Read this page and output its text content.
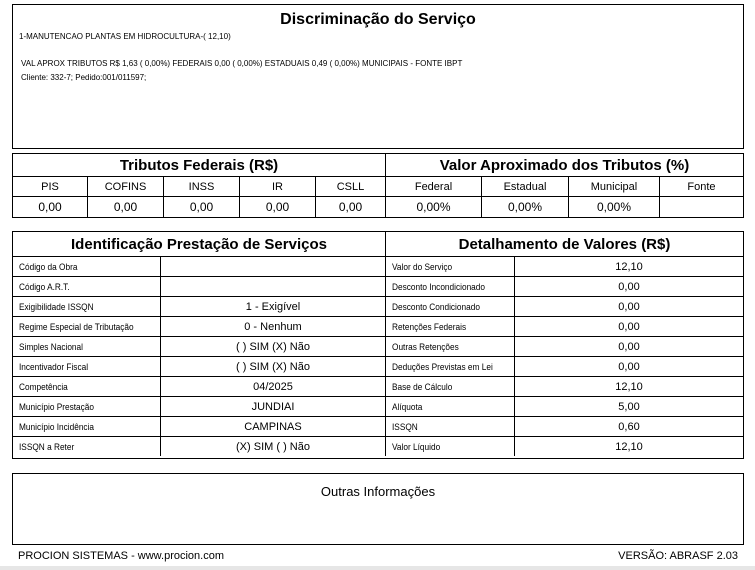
Discriminação do Serviço
1-MANUTENCAO PLANTAS EM HIDROCULTURA-( 12,10)
VAL APROX TRIBUTOS R$ 1,63 ( 0,00%) FEDERAIS 0,00 ( 0,00%) ESTADUAIS 0,49 ( 0,00%) MUNICIPAIS - FONTE IBPT
Cliente: 332-7; Pedido:001/011597;
Tributos Federais (R$)				
PIS	COFINS	INSS	IR	CSLL
0,00	0,00	0,00	0,00	0,00
Valor Aproximado dos Tributos (%)			
Federal	Estadual	Municipal	Fonte
0,00%	0,00%	0,00%	
Identificação Prestação de Serviços	
Código da Obra	
Código A.R.T.	
Exigibilidade ISSQN	1 - Exigível
Regime Especial de Tributação	0 - Nenhum
Simples Nacional	( ) SIM (X) Não
Incentivador Fiscal	( ) SIM (X) Não
Competência	04/2025
Município Prestação	JUNDIAI
Município Incidência	CAMPINAS
ISSQN a Reter	(X) SIM ( ) Não
Detalhamento de Valores (R$)	
Valor do Serviço	12,10
Desconto Incondicionado	0,00
Desconto Condicionado	0,00
Retenções Federais	0,00
Outras Retenções	0,00
Deduções Previstas em Lei	0,00
Base de Cálculo	12,10
Alíquota	5,00
ISSQN	0,60
Valor Líquido	12,10
Outras Informações
PROCION SISTEMAS - www.procion.com	VERSÃO: ABRASF 2.03
